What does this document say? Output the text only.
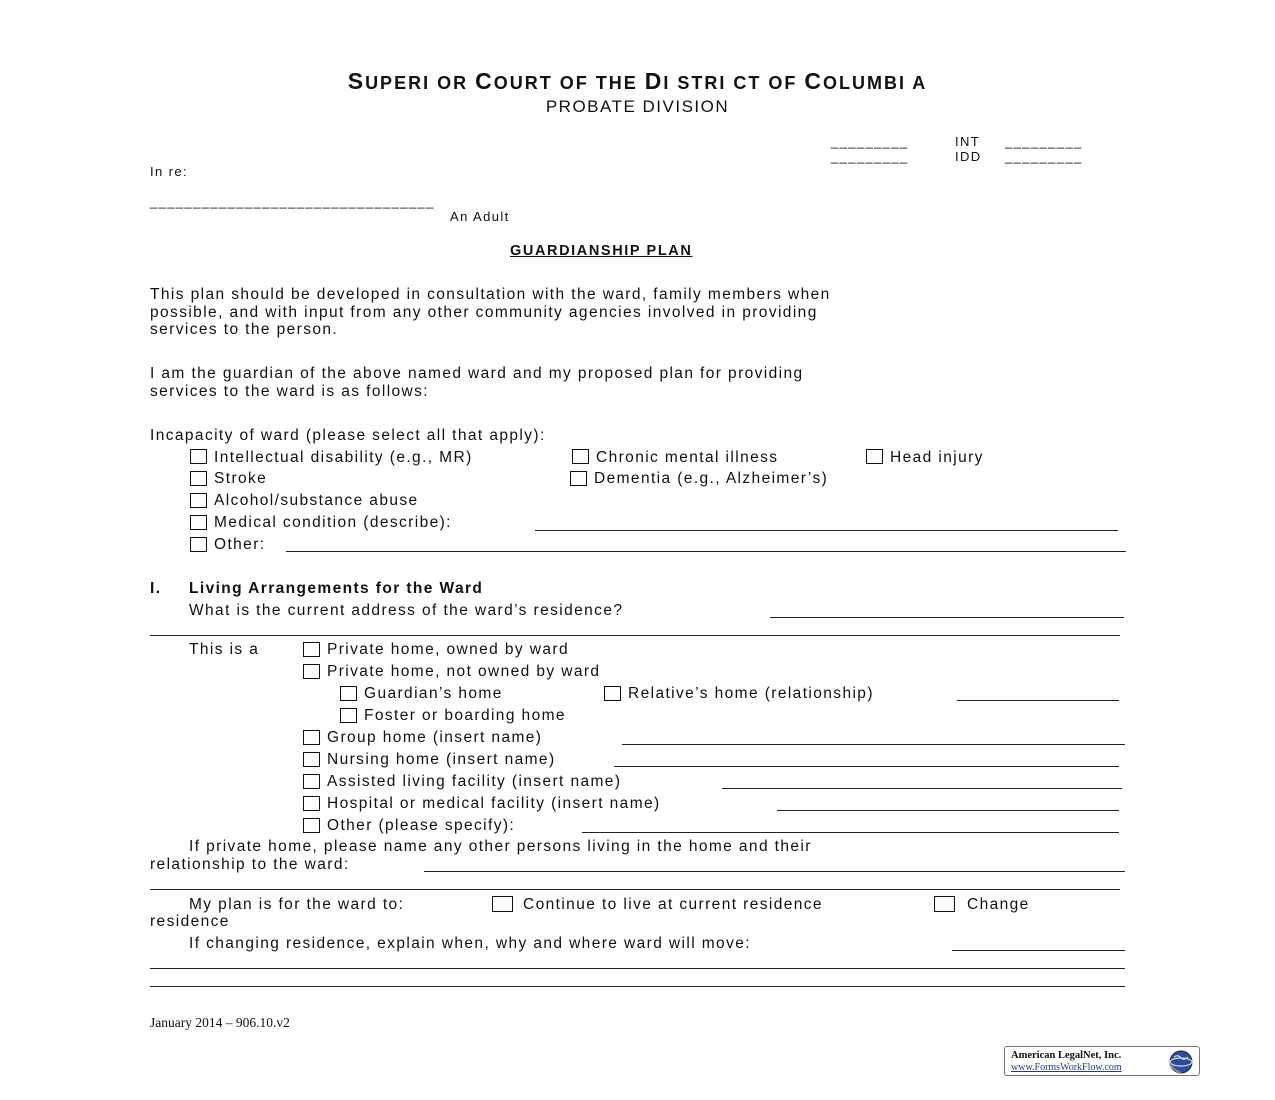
SUPERI OR COURT OF THE DI STRI CT OF COLUMBI A
PROBATE DIVISION
_________	INT _________
_________	IDD _________
In re:
_________________________________
An Adult
GUARDIANSHIP PLAN
This plan should be developed in consultation with the ward, family members when
possible, and with input from any other community agencies involved in providing
services to the person.
I am the guardian of the above named ward and my proposed plan for providing
services to the ward is as follows:
Incapacity of ward (please select all that apply):
Intellectual disability (e.g., MR)	Chronic mental illness	Head injury
Stroke	Dementia (e.g., Alzheimer’s)
Alcohol/substance abuse
Medical condition (describe):
Other:
I. Living Arrangements for the Ward
What is the current address of the ward’s residence?
This is a	Private home, owned by ward
Private home, not owned by ward
Guardian’s home	Relative’s home (relationship)
Foster or boarding home
Group home (insert name)
Nursing home (insert name)
Assisted living facility (insert name)
Hospital or medical facility (insert name)
Other (please specify):
If private home, please name any other persons living in the home and their
relationship to the ward:
My plan is for the ward to:	Continue to live at current residence	Change
residence
If changing residence, explain when, why and where ward will move:
January 2014 – 906.10.v2
American LegalNet, Inc.
www.FormsWorkFlow.com
